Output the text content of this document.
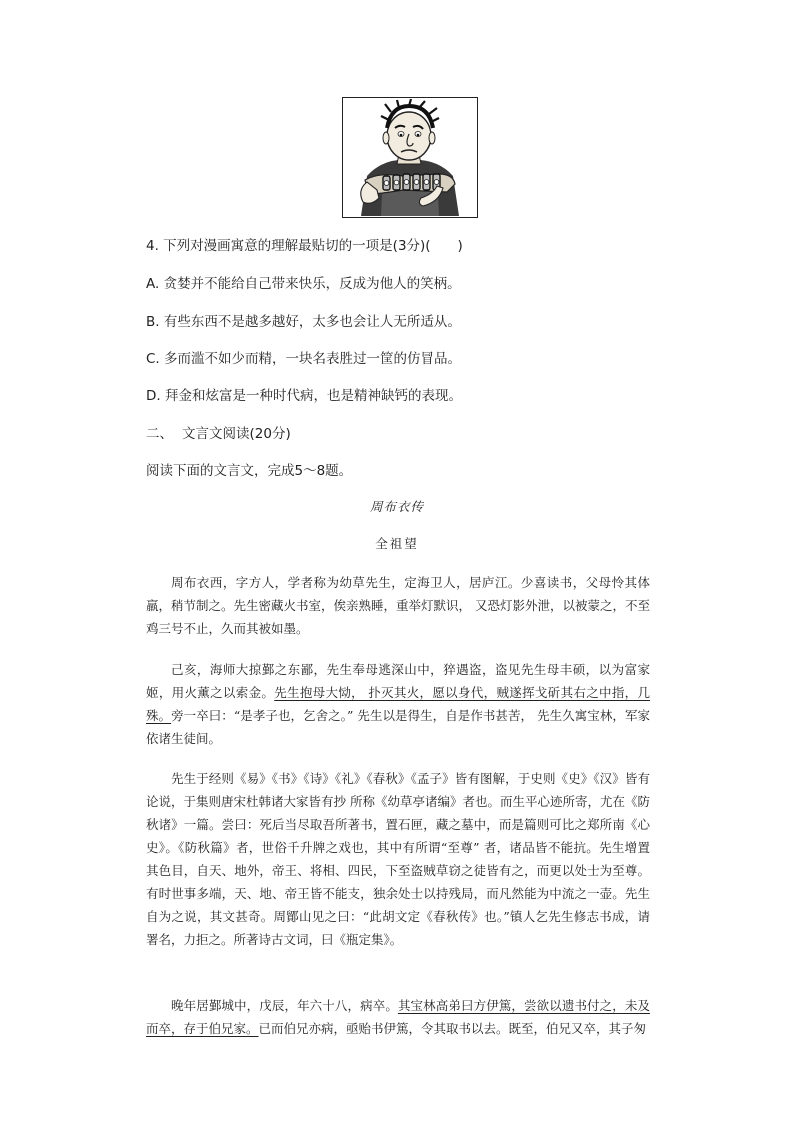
4. 下列对漫画寓意的理解最贴切的一项是(3分)(　　)
A. 贪婪并不能给自己带来快乐，反成为他人的笑柄。
B. 有些东西不是越多越好，太多也会让人无所适从。
C. 多而滥不如少而精，一块名表胜过一筐的仿冒品。
D. 拜金和炫富是一种时代病，也是精神缺钙的表现。
二、 文言文阅读(20分)
阅读下面的文言文，完成5～8题。
周布衣传
全祖望
周布衣西，字方人，学者称为幼草先生，定海卫人，居庐江。少喜读书，父母怜其体羸，稍节制之。先生密藏火书室，俟亲熟睡，重举灯默识， 又恐灯影外泄，以被蒙之，不至鸡三号不止，久而其被如墨。
己亥，海师大掠鄞之东鄙，先生奉母逃深山中，猝遇盗，盗见先生母丰硕，以为富家姬，用火薰之以索金。先生抱母大恸， 扑灭其火，愿以身代，贼遂挥戈斫其右之中指，几殊。旁一卒曰：“是孝子也，乞舍之。” 先生以是得生，自是作书甚苦， 先生久寓宝林，军家依诸生徒间。
先生于经则《易》《书》《诗》《礼》《春秋》《孟子》皆有图解，于史则《史》《汉》皆有论说，于集则唐宋杜韩诸大家皆有抄 所称《幼草亭诸编》者也。而生平心迹所寄，尤在《防秋诸》一篇。尝曰：死后当尽取吾所著书，置石匣，藏之墓中，而是篇则可比之郑所南《心史》。《防秋篇》者，世俗千升牌之戏也，其中有所谓“至尊” 者，诸品皆不能抗。先生增置其色目，自天、地外，帝王、将相、四民，下至盗贼草窃之徒皆有之，而更以处士为至尊。有时世事多端，天、地、帝王皆不能支，独余处士以持残局，而凡然能为中流之一壶。先生自为之说，其文甚奇。周鄮山见之曰：“此胡文定《春秋传》也。”镇人乞先生修志书成，请署名，力拒之。所著诗古文词，曰《瓶定集》。
晚年居鄞城中，戊辰，年六十八，病卒。其宝林高弟曰方伊篤，尝欲以遗书付之，未及而卒，存于伯兄家。已而伯兄亦病，亟贻书伊篤，令其取书以去。既至，伯兄又卒，其子匆
